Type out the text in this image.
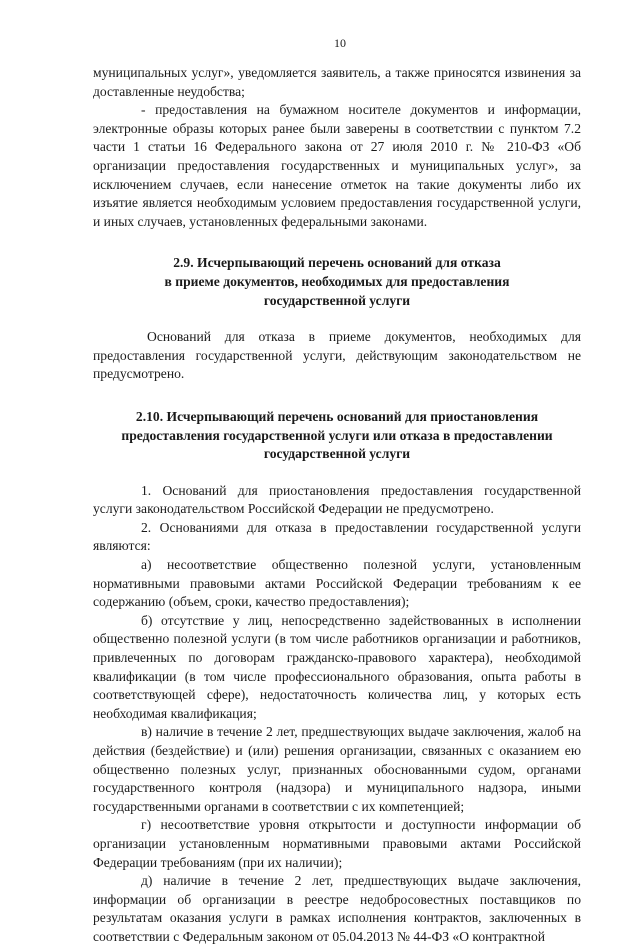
10

муниципальных услуг», уведомляется заявитель, а также приносятся извинения за доставленные неудобства;

- предоставления на бумажном носителе документов и информации, электронные образы которых ранее были заверены в соответствии с пунктом 7.2 части 1 статьи 16 Федерального закона от 27 июля 2010 г. № 210-ФЗ «Об организации предоставления государственных и муниципальных услуг», за исключением случаев, если нанесение отметок на такие документы либо их изъятие является необходимым условием предоставления государственной услуги, и иных случаев, установленных федеральными законами.

2.9. Исчерпывающий перечень оснований для отказа
в приеме документов, необходимых для предоставления
государственной услуги

Оснований для отказа в приеме документов, необходимых для предоставления государственной услуги, действующим законодательством не предусмотрено.

2.10. Исчерпывающий перечень оснований для приостановления
предоставления государственной услуги или отказа в предоставлении
государственной услуги

1. Оснований для приостановления предоставления государственной услуги законодательством Российской Федерации не предусмотрено.

2. Основаниями для отказа в предоставлении государственной услуги являются:

а) несоответствие общественно полезной услуги, установленным нормативными правовыми актами Российской Федерации требованиям к ее содержанию (объем, сроки, качество предоставления);

б) отсутствие у лиц, непосредственно задействованных в исполнении общественно полезной услуги (в том числе работников организации и работников, привлеченных по договорам гражданско-правового характера), необходимой квалификации (в том числе профессионального образования, опыта работы в соответствующей сфере), недостаточность количества лиц, у которых есть необходимая квалификация;

в) наличие в течение 2 лет, предшествующих выдаче заключения, жалоб на действия (бездействие) и (или) решения организации, связанных с оказанием ею общественно полезных услуг, признанных обоснованными судом, органами государственного контроля (надзора) и муниципального надзора, иными государственными органами в соответствии с их компетенцией;

г) несоответствие уровня открытости и доступности информации об организации установленным нормативными правовыми актами Российской Федерации требованиям (при их наличии);

д) наличие в течение 2 лет, предшествующих выдаче заключения, информации об организации в реестре недобросовестных поставщиков по результатам оказания услуги в рамках исполнения контрактов, заключенных в соответствии с Федеральным законом от 05.04.2013 № 44-ФЗ «О контрактной
